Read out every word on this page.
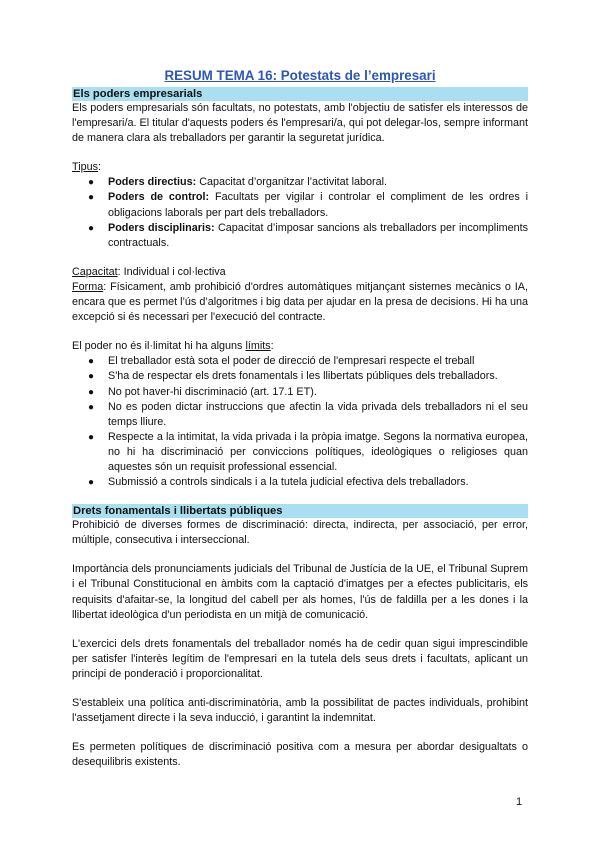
RESUM TEMA 16: Potestats de l’empresari
Els poders empresarials

Els poders empresarials són facultats, no potestats, amb l'objectiu de satisfer els interessos de l'empresari/a. El titular d'aquests poders és l'empresari/a, qui pot delegar-los, sempre informant de manera clara als treballadors per garantir la seguretat jurídica.

Tipus:

● Poders directius: Capacitat d’organitzar l’activitat laboral.
● Poders de control: Facultats per vigilar i controlar el compliment de les ordres i obligacions laborals per part dels treballadors.
● Poders disciplinaris: Capacitat d’imposar sancions als treballadors per incompliments contractuals.

Capacitat: Individual i col·lectiva

Forma: Físicament, amb prohibició d'ordres automàtiques mitjançant sistemes mecànics o IA, encara que es permet l’ús d’algoritmes i big data per ajudar en la presa de decisions. Hi ha una excepció si és necessari per l'execució del contracte.

El poder no és il·limitat hi ha alguns límits:

● El treballador està sota el poder de direcció de l'empresari respecte el treball
● S'ha de respectar els drets fonamentals i les llibertats públiques dels treballadors.
● No pot haver-hi discriminació (art. 17.1 ET).
● No es poden dictar instruccions que afectin la vida privada dels treballadors ni el seu temps lliure.
● Respecte a la intimitat, la vida privada i la pròpia imatge. Segons la normativa europea, no hi ha discriminació per conviccions polítiques, ideològiques o religioses quan aquestes són un requisit professional essencial.
● Submissió a controls sindicals i a la tutela judicial efectiva dels treballadors.
Drets fonamentals i llibertats públiques

Prohibició de diverses formes de discriminació: directa, indirecta, per associació, per error, múltiple, consecutiva i interseccional.

Importància dels pronunciaments judicials del Tribunal de Justícia de la UE, el Tribunal Suprem i el Tribunal Constitucional en àmbits com la captació d'imatges per a efectes publicitaris, els requisits d'afaitar-se, la longitud del cabell per als homes, l'ús de faldilla per a les dones i la llibertat ideològica d'un periodista en un mitjà de comunicació.

L'exercici dels drets fonamentals del treballador només ha de cedir quan sigui imprescindible per satisfer l'interès legítim de l'empresari en la tutela dels seus drets i facultats, aplicant un principi de ponderació i proporcionalitat.

S'estableix una política anti-discriminatòria, amb la possibilitat de pactes individuals, prohibint l'assetjament directe i la seva inducció, i garantint la indemnitat.

Es permeten polítiques de discriminació positiva com a mesura per abordar desigualtats o desequilibris existents.

1
